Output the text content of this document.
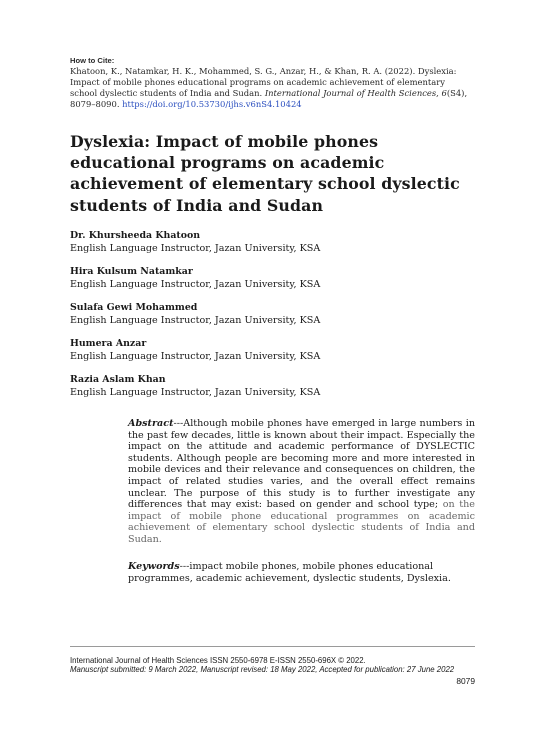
How to Cite:

Khatoon, K., Natamkar, H. K., Mohammed, S. G., Anzar, H., & Khan, R. A. (2022). Dyslexia: Impact of mobile phones educational programs on academic achievement of elementary school dyslectic students of India and Sudan. International Journal of Health Sciences, 6(S4), 8079–8090. https://doi.org/10.53730/ijhs.v6nS4.10424

Dyslexia: Impact of mobile phones educational programs on academic achievement of elementary school dyslectic students of India and Sudan
Dr. Khursheeda Khatoon
English Language Instructor, Jazan University, KSA
Hira Kulsum Natamkar
English Language Instructor, Jazan University, KSA
Sulafa Gewi Mohammed
English Language Instructor, Jazan University, KSA
Humera Anzar
English Language Instructor, Jazan University, KSA
Razia Aslam Khan
English Language Instructor, Jazan University, KSA

Abstract---Although mobile phones have emerged in large numbers in the past few decades, little is known about their impact. Especially the impact on the attitude and academic performance of DYSLECTIC students. Although people are becoming more and more interested in mobile devices and their relevance and consequences on children, the impact of related studies varies, and the overall effect remains unclear. The purpose of this study is to further investigate any differences that may exist: based on gender and school type; on the impact of mobile phone educational programmes on academic achievement of elementary school dyslectic students of India and Sudan.

Keywords---impact mobile phones, mobile phones educational programmes, academic achievement, dyslectic students, Dyslexia.

International Journal of Health Sciences ISSN 2550-6978 E-ISSN 2550-696X © 2022.
Manuscript submitted: 9 March 2022, Manuscript revised: 18 May 2022, Accepted for publication: 27 June 2022
8079
